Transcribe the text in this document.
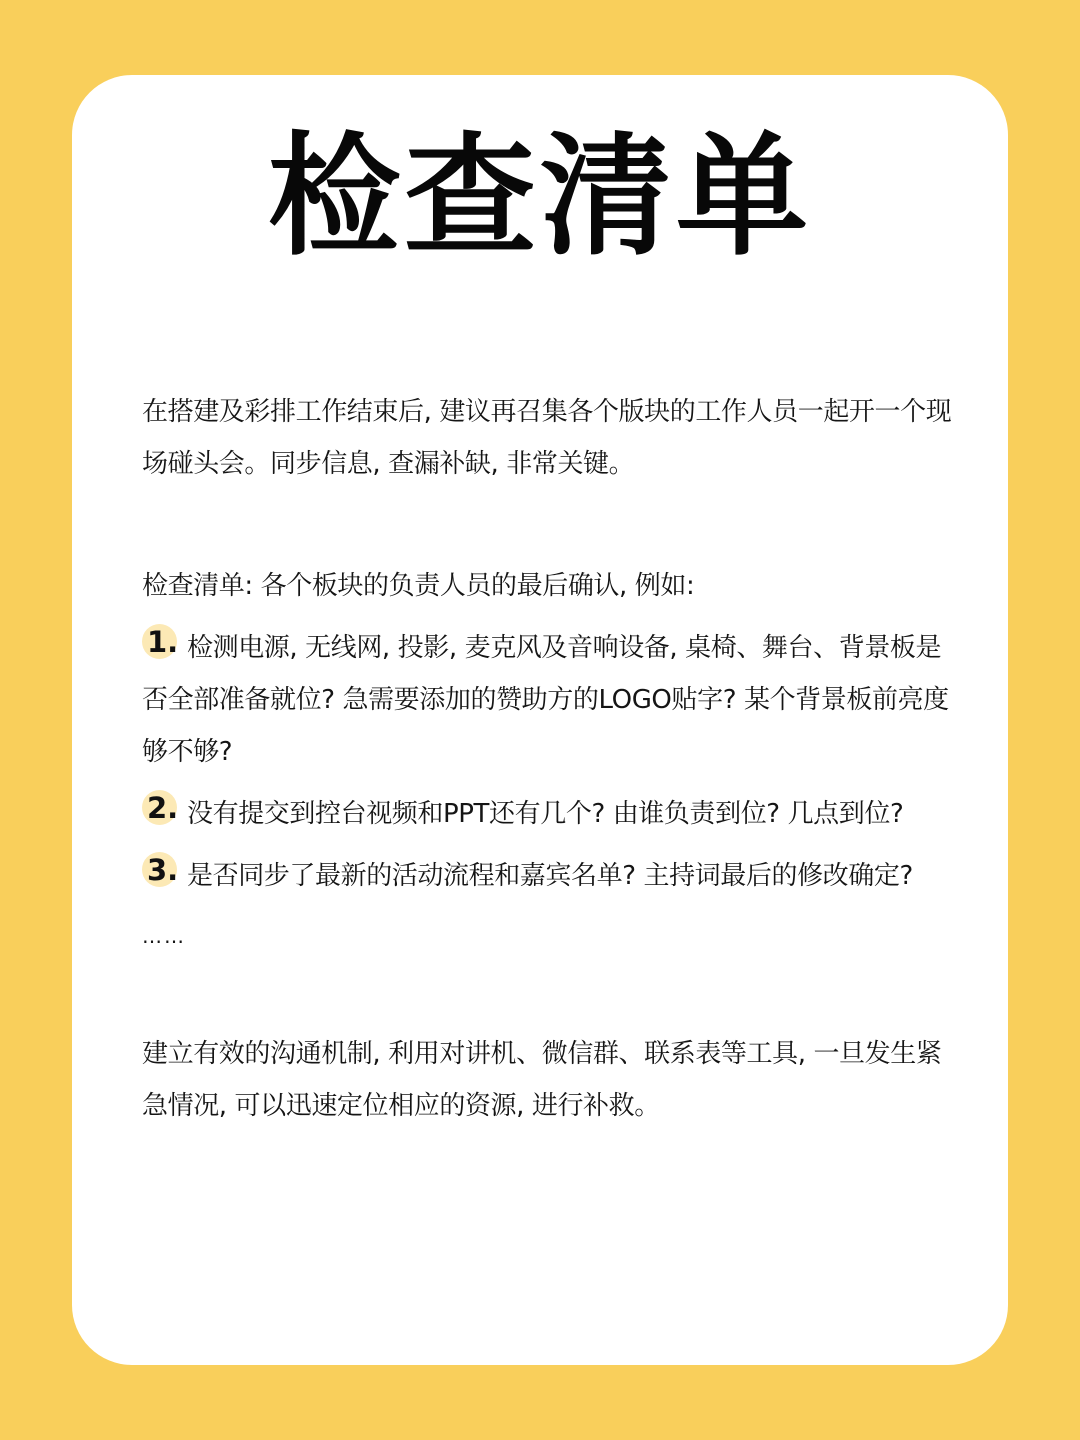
检查清单

在搭建及彩排工作结束后, 建议再召集各个版块的工作人员一起开一个现场碰头会。同步信息, 查漏补缺, 非常关键。

检查清单: 各个板块的负责人员的最后确认, 例如:

1. 检测电源, 无线网, 投影, 麦克风及音响设备, 桌椅、舞台、背景板是否全部准备就位? 急需要添加的赞助方的LOGO贴字? 某个背景板前亮度够不够?

2. 没有提交到控台视频和PPT还有几个? 由谁负责到位? 几点到位?

3. 是否同步了最新的活动流程和嘉宾名单? 主持词最后的修改确定?

……

建立有效的沟通机制, 利用对讲机、微信群、联系表等工具, 一旦发生紧急情况, 可以迅速定位相应的资源, 进行补救。
